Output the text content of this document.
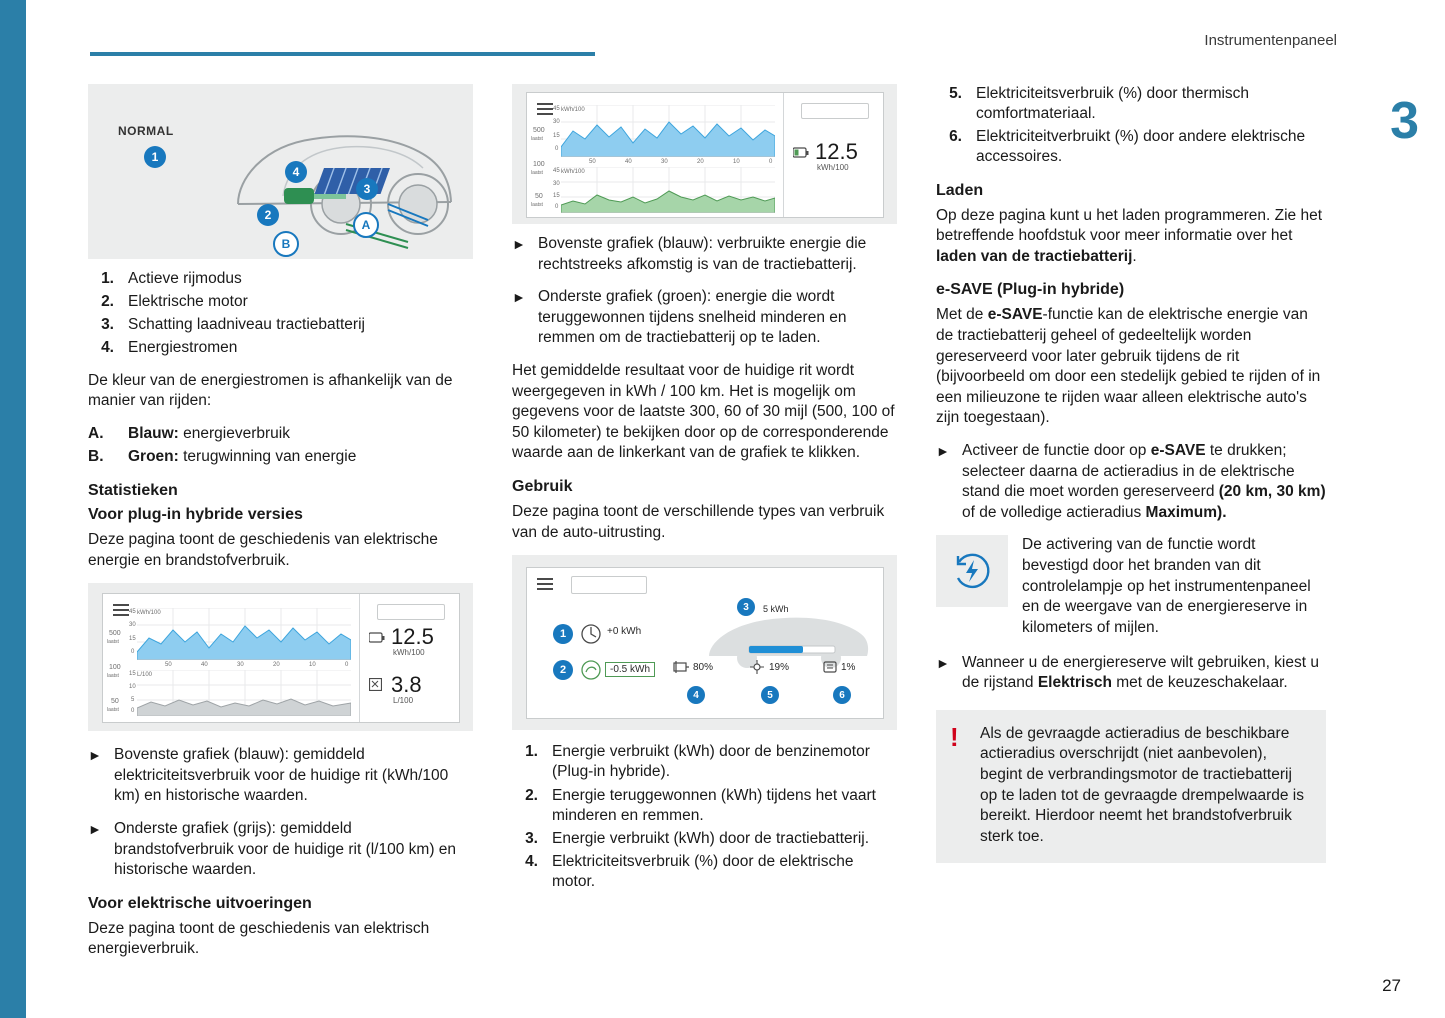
Instrumentenpaneel
3
27
NORMAL
1
2
3
4
A
B
1. Actieve rijmodus
2. Elektrische motor
3. Schatting laadniveau tractiebatterij
4. Energiestromen

De kleur van de energiestromen is afhankelijk van de manier van rijden:

A.	Blauw: energieverbruik
B.	Groen: terugwinning van energie
Statistieken
Voor plug-in hybride versies

Deze pagina toont de geschiedenis van elektrische energie en brandstofverbruik.

500
laatst
100
laatst
50
laatst
kWh/100
45
30
15
0
50	40	30	20	10	0
L/100
15
10
5
0
12.5
kWh/100
3.8
L/100
► Bovenste grafiek (blauw): gemiddeld elektriciteitsverbruik voor de huidige rit (kWh/100 km) en historische waarden.
► Onderste grafiek (grijs): gemiddeld brandstofverbruik voor de huidige rit (l/100 km) en historische waarden.
Voor elektrische uitvoeringen

Deze pagina toont de geschiedenis van elektrisch energieverbruik.

500
laatst
100
laatst
50
laatst
kWh/100
45
30
15
0
50	40	30	20	10	0
kWh/100
45
30
15
0
12.5
kWh/100
► Bovenste grafiek (blauw): verbruikte energie die rechtstreeks afkomstig is van de tractiebatterij.
► Onderste grafiek (groen): energie die wordt teruggewonnen tijdens snelheid minderen en remmen om de tractiebatterij op te laden.

Het gemiddelde resultaat voor de huidige rit wordt weergegeven in kWh / 100 km. Het is mogelijk om gegevens voor de laatste 300, 60 of 30 mijl (500, 100 of 50 kilometer) te bekijken door op de corresponderende waarde aan de linkerkant van de grafiek te klikken.

Gebruik

Deze pagina toont de verschillende types van verbruik van de auto-uitrusting.

5 kWh
3
1	+0 kWh
2	-0.5 kWh	80%
4
19%
5
1%
6
1. Energie verbruikt (kWh) door de benzinemotor (Plug-in hybride).
2. Energie teruggewonnen (kWh) tijdens het vaart minderen en remmen.
3. Energie verbruikt (kWh) door de tractiebatterij.
4. Elektriciteitsverbruik (%) door de elektrische motor.
5. Elektriciteitsverbruik (%) door thermisch comfortmateriaal.
6. Elektriciteitverbruikt (%) door andere elektrische accessoires.
Laden

Op deze pagina kunt u het laden programmeren. Zie het betreffende hoofdstuk voor meer informatie over het laden van de tractiebatterij.

e-SAVE (Plug-in hybride)

Met de e-SAVE-functie kan de elektrische energie van de tractiebatterij geheel of gedeeltelijk worden gereserveerd voor later gebruik tijdens de rit (bijvoorbeeld om door een stedelijk gebied te rijden of in een milieuzone te rijden waar alleen elektrische auto's zijn toegestaan).

► Activeer de functie door op e-SAVE te drukken; selecteer daarna de actieradius in de elektrische stand die moet worden gereserveerd (20 km, 30 km) of de volledige actieradius Maximum).
De activering van de functie wordt bevestigd door het branden van dit controlelampje op het instrumentenpaneel en de weergave van de energiereserve in kilometers of mijlen.
► Wanneer u de energiereserve wilt gebruiken, kiest u de rijstand Elektrisch met de keuzeschakelaar.
!	Als de gevraagde actieradius de beschikbare actieradius overschrijdt (niet aanbevolen), begint de verbrandingsmotor de tractiebatterij op te laden tot de gevraagde drempelwaarde is bereikt. Hierdoor neemt het brandstofverbruik sterk toe.
